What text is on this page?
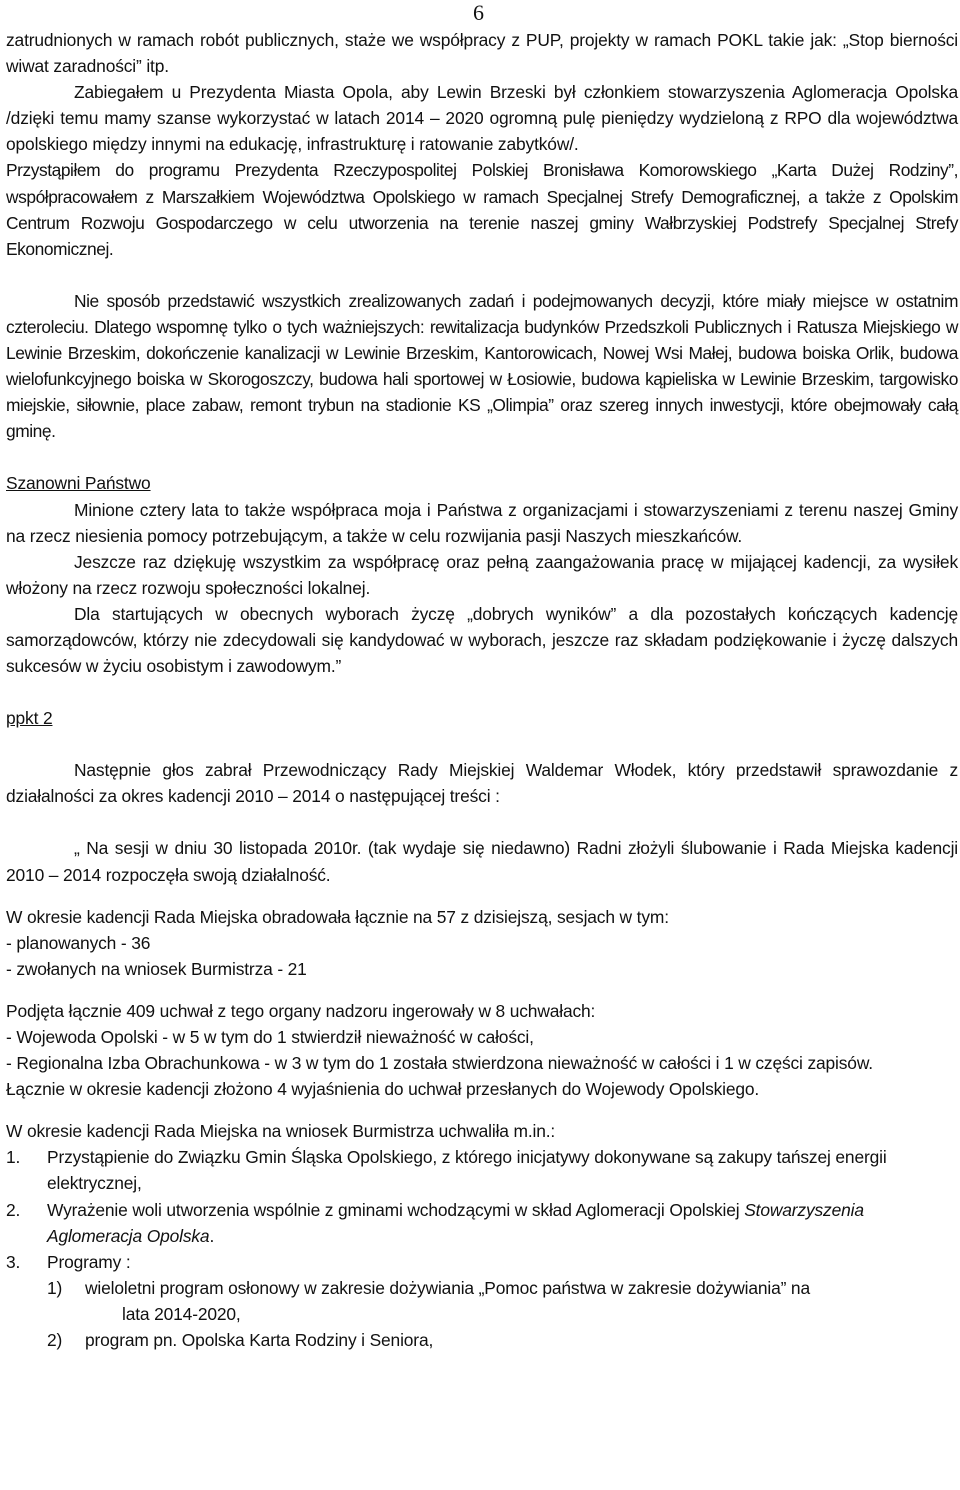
6

zatrudnionych w ramach robót publicznych, staże we współpracy z PUP, projekty w ramach POKL takie jak: „Stop bierności wiwat zaradności” itp.

Zabiegałem u Prezydenta Miasta Opola, aby Lewin Brzeski był członkiem stowarzyszenia Aglomeracja Opolska /dzięki temu mamy szanse wykorzystać w latach 2014 – 2020 ogromną pulę pieniędzy wydzieloną z RPO dla województwa opolskiego między innymi na edukację, infrastrukturę i ratowanie zabytków/.

Przystąpiłem do programu Prezydenta Rzeczypospolitej Polskiej Bronisława Komorowskiego „Karta Dużej Rodziny”, współpracowałem z Marszałkiem Województwa Opolskiego w ramach Specjalnej Strefy Demograficznej, a także z Opolskim Centrum Rozwoju Gospodarczego w celu utworzenia na terenie naszej gminy Wałbrzyskiej Podstrefy Specjalnej Strefy Ekonomicznej.

Nie sposób przedstawić wszystkich zrealizowanych zadań i podejmowanych decyzji, które miały miejsce w ostatnim czteroleciu. Dlatego wspomnę tylko o tych ważniejszych: rewitalizacja budynków Przedszkoli Publicznych i Ratusza Miejskiego w Lewinie Brzeskim, dokończenie kanalizacji w Lewinie Brzeskim, Kantorowicach, Nowej Wsi Małej, budowa boiska Orlik, budowa wielofunkcyjnego boiska w Skorogoszczy, budowa hali sportowej w Łosiowie, budowa kąpieliska w Lewinie Brzeskim, targowisko miejskie, siłownie, place zabaw, remont trybun na stadionie KS „Olimpia” oraz szereg innych inwestycji, które obejmowały całą gminę.

Szanowni Państwo

Minione cztery lata to także współpraca moja i Państwa z organizacjami i stowarzyszeniami z terenu naszej Gminy na rzecz niesienia pomocy potrzebującym, a także w celu rozwijania pasji Naszych mieszkańców.

Jeszcze raz dziękuję wszystkim za współpracę oraz pełną zaangażowania pracę w mijającej kadencji, za wysiłek włożony na rzecz rozwoju społeczności lokalnej.

Dla startujących w obecnych wyborach życzę „dobrych wyników” a dla pozostałych kończących kadencję samorządowców, którzy nie zdecydowali się kandydować w wyborach, jeszcze raz składam podziękowanie i życzę dalszych sukcesów w życiu osobistym i zawodowym.”

ppkt 2

Następnie głos zabrał Przewodniczący Rady Miejskiej Waldemar Włodek, który przedstawił sprawozdanie z działalności za okres kadencji 2010 – 2014 o następującej treści :

„ Na sesji w dniu 30 listopada 2010r. (tak wydaje się niedawno) Radni złożyli ślubowanie i Rada Miejska kadencji 2010 – 2014 rozpoczęła swoją działalność.

W okresie kadencji Rada Miejska obradowała łącznie na 57 z dzisiejszą, sesjach w tym:

- planowanych - 36

- zwołanych na wniosek Burmistrza - 21

Podjęta łącznie 409 uchwał z tego organy nadzoru ingerowały w 8 uchwałach:

- Wojewoda Opolski - w 5 w tym do 1 stwierdził nieważność w całości,

- Regionalna Izba Obrachunkowa - w 3 w tym do 1 została stwierdzona nieważność w całości i 1 w części zapisów.

Łącznie w okresie kadencji złożono 4 wyjaśnienia do uchwał przesłanych do Wojewody Opolskiego.

W okresie kadencji Rada Miejska na wniosek Burmistrza uchwaliła m.in.:

1. Przystąpienie do Związku Gmin Śląska Opolskiego, z którego inicjatywy dokonywane są zakupy tańszej energii elektrycznej,
2. Wyrażenie woli utworzenia wspólnie z gminami wchodzącymi w skład Aglomeracji Opolskiej Stowarzyszenia Aglomeracja Opolska.
3. Programy :
1) wieloletni program osłonowy w zakresie dożywiania „Pomoc państwa w zakresie dożywiania” na
lata 2014-2020,
2) program pn. Opolska Karta Rodziny i Seniora,
